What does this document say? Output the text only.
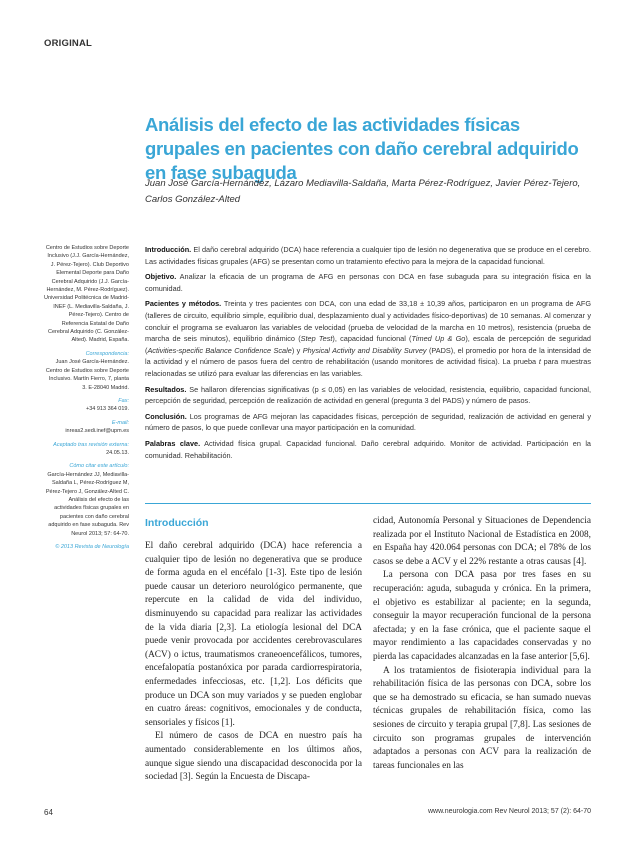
ORIGINAL
Análisis del efecto de las actividades físicas grupales en pacientes con daño cerebral adquirido en fase subaguda
Juan José García-Hernández, Lázaro Mediavilla-Saldaña, Marta Pérez-Rodríguez, Javier Pérez-Tejero, Carlos González-Alted

Centro de Estudios sobre Deporte Inclusivo (J.J. García-Hernández, J. Pérez-Tejero). Club Deportivo Elemental Deporte para Daño Cerebral Adquirido (J.J. García-Hernández, M. Pérez-Rodríguez). Universidad Politécnica de Madrid-INEF (L. Mediavilla-Saldaña, J. Pérez-Tejero). Centro de Referencia Estatal de Daño Cerebral Adquirido (C. González-Alted). Madrid, España.

Correspondencia:

Juan José García-Hernández. Centro de Estudios sobre Deporte Inclusivo. Martín Fierro, 7, planta 3. E-28040 Madrid.

Fax:

+34 913 364 019.

E-mail:

inreas2.sedi.inef@upm.es

Aceptado tras revisión externa:

24.05.13.

Cómo citar este artículo:

García-Hernández JJ, Mediavilla-Saldaña L, Pérez-Rodríguez M, Pérez-Tejero J, González-Alted C. Análisis del efecto de las actividades físicas grupales en pacientes con daño cerebral adquirido en fase subaguda. Rev Neurol 2013; 57: 64-70.

© 2013 Revista de Neurología

Introducción. El daño cerebral adquirido (DCA) hace referencia a cualquier tipo de lesión no degenerativa que se produce en el cerebro. Las actividades físicas grupales (AFG) se presentan como un tratamiento efectivo para la mejora de la capacidad funcional.

Objetivo. Analizar la eficacia de un programa de AFG en personas con DCA en fase subaguda para su integración física en la comunidad.

Pacientes y métodos. Treinta y tres pacientes con DCA, con una edad de 33,18 ± 10,39 años, participaron en un programa de AFG (talleres de circuito, equilibrio simple, equilibrio dual, desplazamiento dual y actividades físico-deportivas) de 10 semanas. Al comenzar y concluir el programa se evaluaron las variables de velocidad (prueba de velocidad de la marcha en 10 metros), resistencia (prueba de marcha de seis minutos), equilibrio dinámico (Step Test), capacidad funcional (Timed Up & Go), escala de percepción de seguridad (Activities-specific Balance Confidence Scale) y Physical Activity and Disability Survey (PADS), el promedio por hora de la intensidad de la actividad y el número de pasos fuera del centro de rehabilitación (usando monitores de actividad física). La prueba t para muestras relacionadas se utilizó para evaluar las diferencias en las variables.

Resultados. Se hallaron diferencias significativas (p ≤ 0,05) en las variables de velocidad, resistencia, equilibrio, capacidad funcional, percepción de seguridad, percepción de realización de actividad en general (pregunta 3 del PADS) y número de pasos.

Conclusión. Los programas de AFG mejoran las capacidades físicas, percepción de seguridad, realización de actividad en general y número de pasos, lo que puede conllevar una mayor participación en la comunidad.

Palabras clave. Actividad física grupal. Capacidad funcional. Daño cerebral adquirido. Monitor de actividad. Participación en la comunidad. Rehabilitación.

Introducción

El daño cerebral adquirido (DCA) hace referencia a cualquier tipo de lesión no degenerativa que se produce de forma aguda en el encéfalo [1-3]. Este tipo de lesión puede causar un deterioro neurológico permanente, que repercute en la calidad de vida del individuo, disminuyendo su capacidad para realizar las actividades de la vida diaria [2,3]. La etiología lesional del DCA puede venir provocada por accidentes cerebrovasculares (ACV) o ictus, traumatismos craneoencefálicos, tumores, encefalopatía postanóxica por parada cardiorrespiratoria, enfermedades infecciosas, etc. [1,2]. Los déficits que produce un DCA son muy variados y se pueden englobar en cuatro áreas: cognitivos, emocionales y de conducta, sensoriales y físicos [1].

El número de casos de DCA en nuestro país ha aumentado considerablemente en los últimos años, aunque sigue siendo una discapacidad desconocida por la sociedad [3]. Según la Encuesta de Discapa-

cidad, Autonomía Personal y Situaciones de Dependencia realizada por el Instituto Nacional de Estadística en 2008, en España hay 420.064 personas con DCA; el 78% de los casos se debe a ACV y el 22% restante a otras causas [4].

La persona con DCA pasa por tres fases en su recuperación: aguda, subaguda y crónica. En la primera, el objetivo es estabilizar al paciente; en la segunda, conseguir la mayor recuperación funcional de la persona afectada; y en la fase crónica, que el paciente saque el mayor rendimiento a las capacidades conservadas y no pierda las capacidades alcanzadas en la fase anterior [5,6].

A los tratamientos de fisioterapia individual para la rehabilitación física de las personas con DCA, sobre los que se ha demostrado su eficacia, se han sumado nuevas técnicas grupales de rehabilitación física, como las sesiones de circuito y terapia grupal [7,8]. Las sesiones de circuito son programas grupales de intervención adaptados a personas con ACV para la realización de tareas funcionales en las

64	www.neurologia.com Rev Neurol 2013; 57 (2): 64-70
